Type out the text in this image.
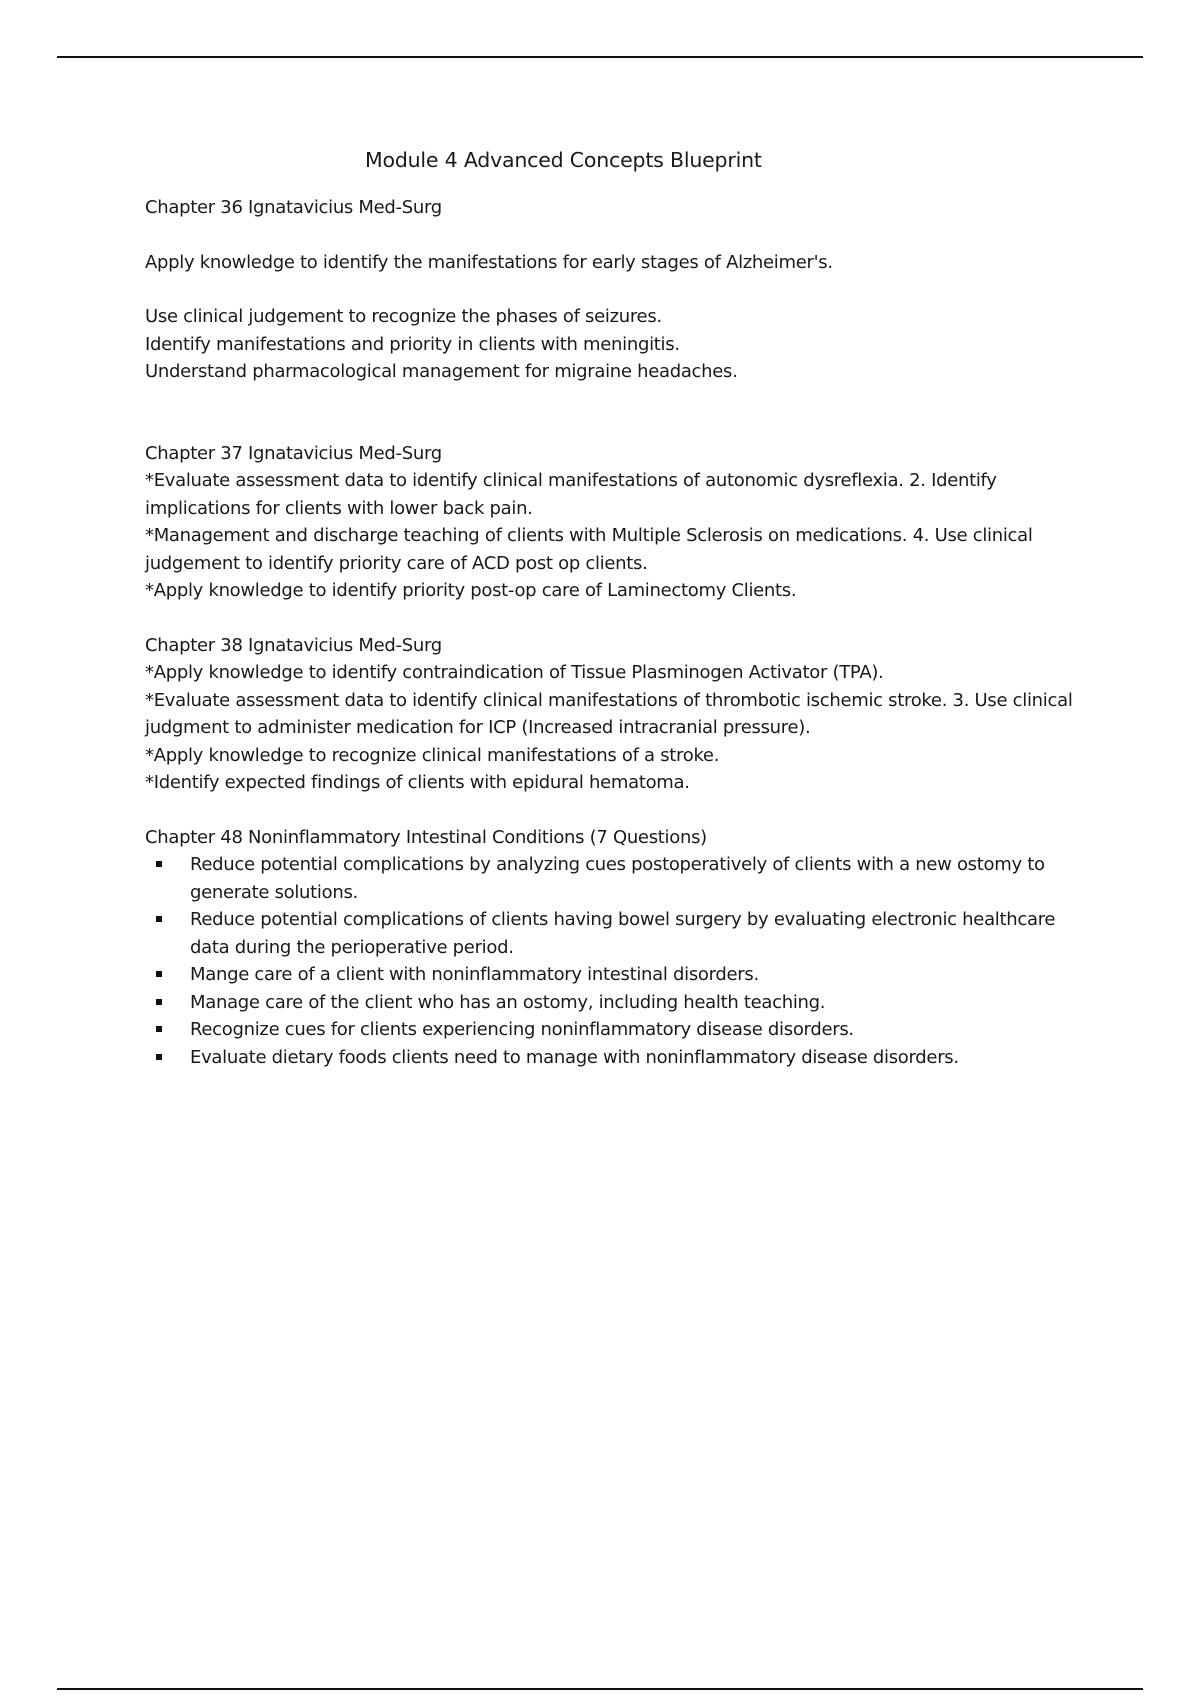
Module 4 Advanced Concepts Blueprint

Chapter 36 Ignatavicius Med-Surg

Apply knowledge to identify the manifestations for early stages of Alzheimer's.

Use clinical judgement to recognize the phases of seizures.

Identify manifestations and priority in clients with meningitis.

Understand pharmacological management for migraine headaches.

Chapter 37 Ignatavicius Med-Surg

*Evaluate assessment data to identify clinical manifestations of autonomic dysreflexia. 2. Identify implications for clients with lower back pain.

*Management and discharge teaching of clients with Multiple Sclerosis on medications. 4. Use clinical judgement to identify priority care of ACD post op clients.

*Apply knowledge to identify priority post-op care of Laminectomy Clients.

Chapter 38 Ignatavicius Med-Surg

*Apply knowledge to identify contraindication of Tissue Plasminogen Activator (TPA).

*Evaluate assessment data to identify clinical manifestations of thrombotic ischemic stroke. 3. Use clinical judgment to administer medication for ICP (Increased intracranial pressure).

*Apply knowledge to recognize clinical manifestations of a stroke.

*Identify expected findings of clients with epidural hematoma.

Chapter 48 Noninflammatory Intestinal Conditions (7 Questions)

Reduce potential complications by analyzing cues postoperatively of clients with a new ostomy to generate solutions.
Reduce potential complications of clients having bowel surgery by evaluating electronic healthcare data during the perioperative period.
Mange care of a client with noninflammatory intestinal disorders.
Manage care of the client who has an ostomy, including health teaching.
Recognize cues for clients experiencing noninflammatory disease disorders.
Evaluate dietary foods clients need to manage with noninflammatory disease disorders.
